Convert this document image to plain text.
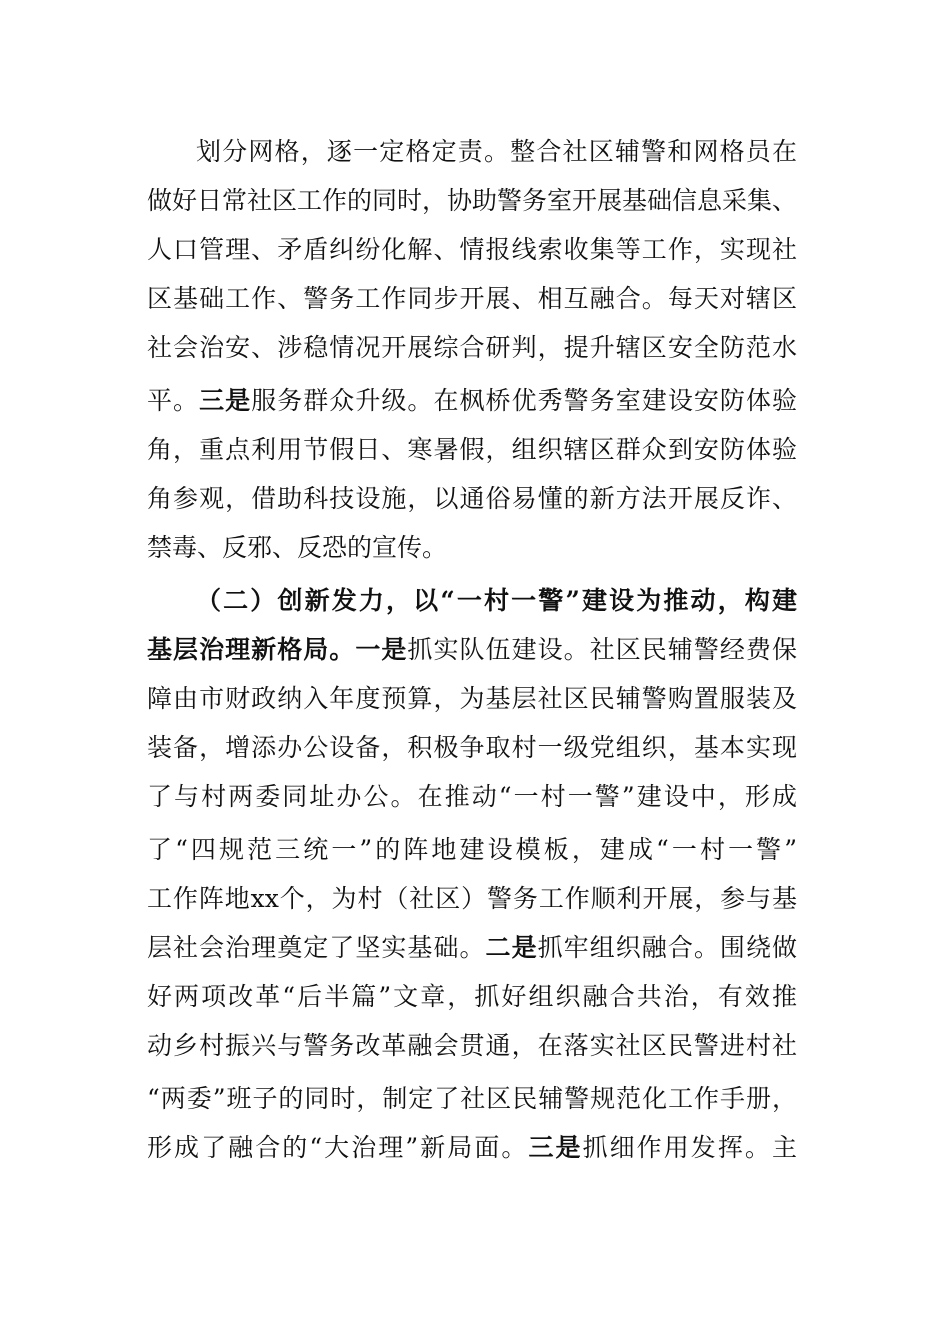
划分网格，逐一定格定责。整合社区辅警和网格员在
做好日常社区工作的同时，协助警务室开展基础信息采集、
人口管理、矛盾纠纷化解、情报线索收集等工作，实现社
区基础工作、警务工作同步开展、相互融合。每天对辖区
社会治安、涉稳情况开展综合研判，提升辖区安全防范水
平。三是服务群众升级。在枫桥优秀警务室建设安防体验
角，重点利用节假日、寒暑假，组织辖区群众到安防体验
角参观，借助科技设施，以通俗易懂的新方法开展反诈、
禁毒、反邪、反恐的宣传。
（二）创新发力，以“一村一警”建设为推动，构建
基层治理新格局。一是抓实队伍建设。社区民辅警经费保
障由市财政纳入年度预算，为基层社区民辅警购置服装及
装备，增添办公设备，积极争取村一级党组织，基本实现
了与村两委同址办公。在推动“一村一警”建设中，形成
了“四规范三统一”的阵地建设模板，建成“一村一警”
工作阵地xx个，为村（社区）警务工作顺利开展，参与基
层社会治理奠定了坚实基础。二是抓牢组织融合。围绕做
好两项改革“后半篇”文章，抓好组织融合共治，有效推
动乡村振兴与警务改革融会贯通，在落实社区民警进村社
“两委”班子的同时，制定了社区民辅警规范化工作手册，
形成了融合的“大治理”新局面。三是抓细作用发挥。主
